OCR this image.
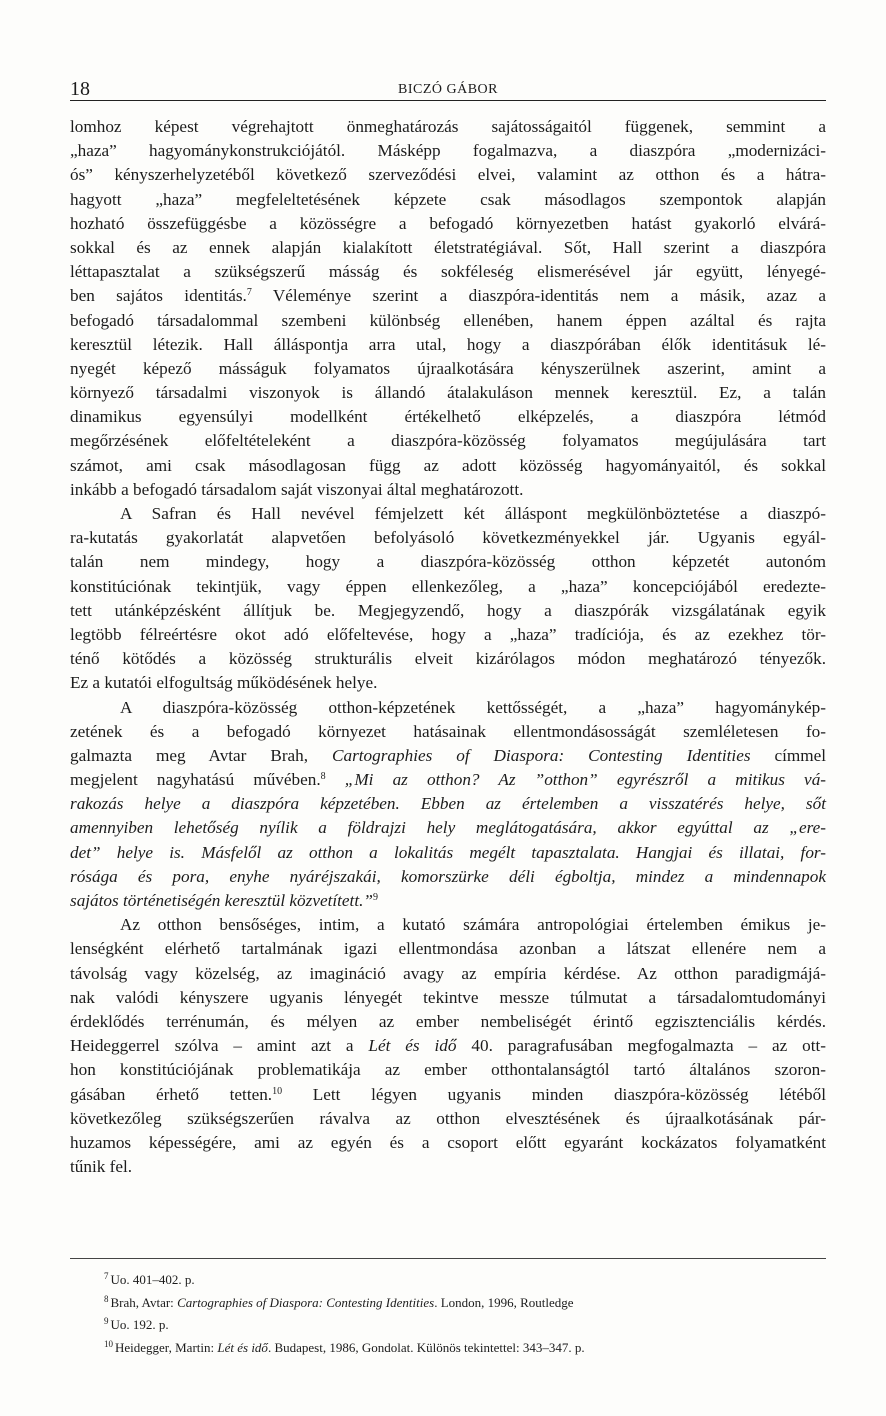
18	BICZÓ GÁBOR
lomhoz képest végrehajtott önmeghatározás sajátosságaitól függenek, semmint a
„haza” hagyománykonstrukciójától. Másképp fogalmazva, a diaszpóra „modernizáci-
ós” kényszerhelyzetéből következő szerveződési elvei, valamint az otthon és a hátra-
hagyott „haza” megfeleltetésének képzete csak másodlagos szempontok alapján
hozható összefüggésbe a közösségre a befogadó környezetben hatást gyakorló elvárá-
sokkal és az ennek alapján kialakított életstratégiával. Sőt, Hall szerint a diaszpóra
léttapasztalat a szükségszerű másság és sokféleség elismerésével jár együtt, lényegé-
ben sajátos identitás.$^7$ Véleménye szerint a diaszpóra-identitás nem a másik, azaz a
befogadó társadalommal szembeni különbség ellenében, hanem éppen azáltal és rajta
keresztül létezik. Hall álláspontja arra utal, hogy a diaszpórában élők identitásuk lé-
nyegét képező másságuk folyamatos újraalkotására kényszerülnek aszerint, amint a
környező társadalmi viszonyok is állandó átalakuláson mennek keresztül. Ez, a talán
dinamikus egyensúlyi modellként értékelhető elképzelés, a diaszpóra létmód
megőrzésének előfeltételeként a diaszpóra-közösség folyamatos megújulására tart
számot, ami csak másodlagosan függ az adott közösség hagyományaitól, és sokkal
inkább a befogadó társadalom saját viszonyai által meghatározott.
A Safran és Hall nevével fémjelzett két álláspont megkülönböztetése a diaszpó-
ra-kutatás gyakorlatát alapvetően befolyásoló következményekkel jár. Ugyanis egyál-
talán nem mindegy, hogy a diaszpóra-közösség otthon képzetét autonóm
konstitúciónak tekintjük, vagy éppen ellenkezőleg, a „haza” koncepciójából eredezte-
tett utánképzésként állítjuk be. Megjegyzendő, hogy a diaszpórák vizsgálatának egyik
legtöbb félreértésre okot adó előfeltevése, hogy a „haza” tradíciója, és az ezekhez tör-
ténő kötődés a közösség strukturális elveit kizárólagos módon meghatározó tényezők.
Ez a kutatói elfogultság működésének helye.
A diaszpóra-közösség otthon-képzetének kettősségét, a „haza” hagyománykép-
zetének és a befogadó környezet hatásainak ellentmondásosságát szemléletesen fo-
galmazta meg Avtar Brah, Cartographies of Diaspora: Contesting Identities címmel
megjelent nagyhatású művében.$^8$ „Mi az otthon? Az ”otthon” egyrészről a mitikus vá-
rakozás helye a diaszpóra képzetében. Ebben az értelemben a visszatérés helye, sőt
amennyiben lehetőség nyílik a földrajzi hely meglátogatására, akkor egyúttal az „ere-
det” helye is. Másfelől az otthon a lokalitás megélt tapasztalata. Hangjai és illatai, for-
rósága és pora, enyhe nyáréjszakái, komorszürke déli égboltja, mindez a mindennapok
sajátos történetiségén keresztül közvetített.”$^9$
Az otthon bensőséges, intim, a kutató számára antropológiai értelemben émikus je-
lenségként elérhető tartalmának igazi ellentmondása azonban a látszat ellenére nem a
távolság vagy közelség, az imagináció avagy az empíria kérdése. Az otthon paradigmájá-
nak valódi kényszere ugyanis lényegét tekintve messze túlmutat a társadalomtudományi
érdeklődés terrénumán, és mélyen az ember nembeliségét érintő egzisztenciális kérdés.
Heideggerrel szólva – amint azt a Lét és idő 40. paragrafusában megfogalmazta – az ott-
hon konstitúciójának problematikája az ember otthontalanságtól tartó általános szoron-
gásában érhető tetten.$^{10}$ Lett légyen ugyanis minden diaszpóra-közösség létéből
következőleg szükségszerűen rávalva az otthon elvesztésének és újraalkotásának pár-
huzamos képességére, ami az egyén és a csoport előtt egyaránt kockázatos folyamatként
tűnik fel.
$^7$ Uo. 401–402. p.
$^8$ Brah, Avtar: Cartographies of Diaspora: Contesting Identities. London, 1996, Routledge
$^9$ Uo. 192. p.
$^{10}$ Heidegger, Martin: Lét és idő. Budapest, 1986, Gondolat. Különös tekintettel: 343–347. p.
